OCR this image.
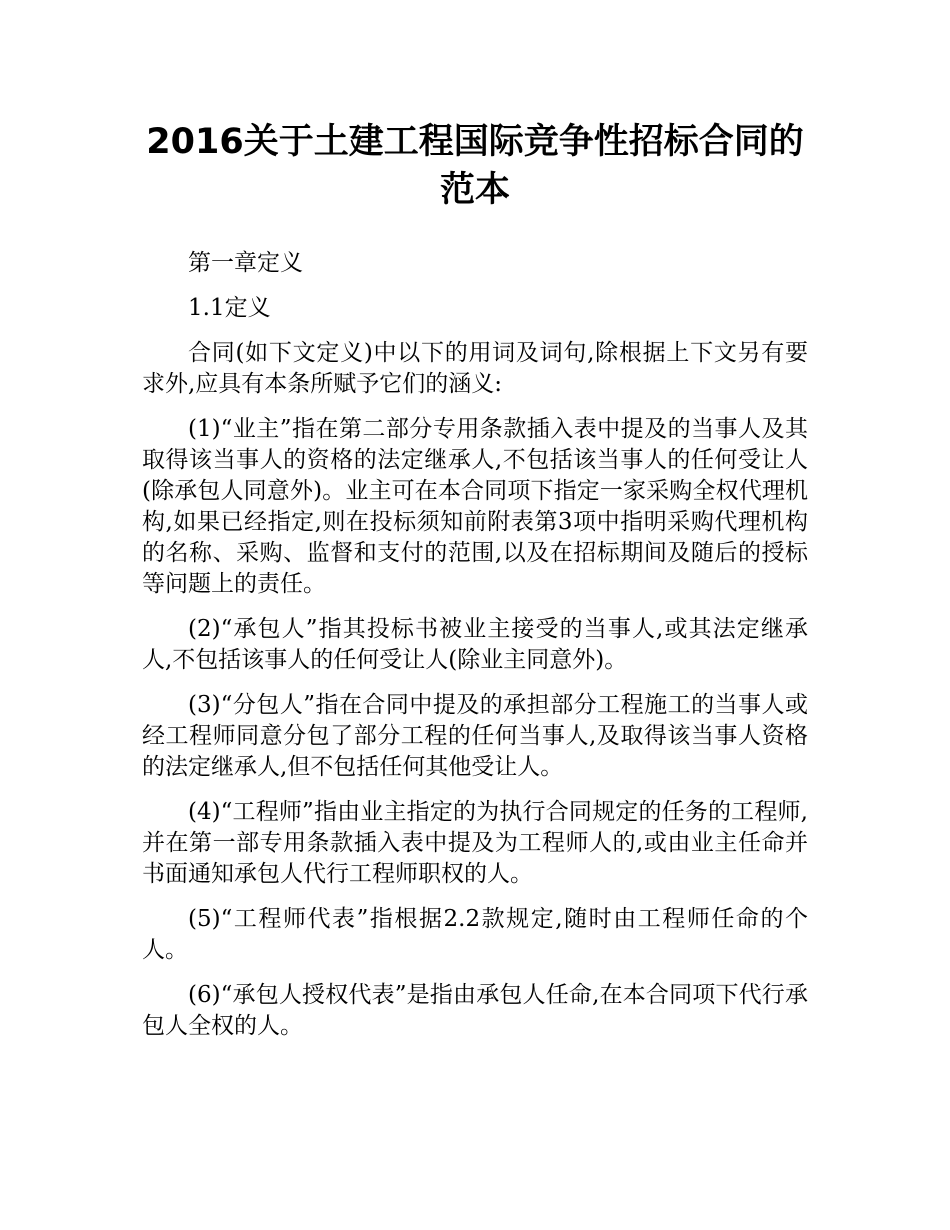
2016关于土建工程国际竞争性招标合同的范本

第一章定义

1.1定义

合同(如下文定义)中以下的用词及词句,除根据上下文另有要求外,应具有本条所赋予它们的涵义:

(1)“业主”指在第二部分专用条款插入表中提及的当事人及其取得该当事人的资格的法定继承人,不包括该当事人的任何受让人(除承包人同意外)。业主可在本合同项下指定一家采购全权代理机构,如果已经指定,则在投标须知前附表第3项中指明采购代理机构的名称、采购、监督和支付的范围,以及在招标期间及随后的授标等问题上的责任。

(2)“承包人”指其投标书被业主接受的当事人,或其法定继承人,不包括该事人的任何受让人(除业主同意外)。

(3)“分包人”指在合同中提及的承担部分工程施工的当事人或经工程师同意分包了部分工程的任何当事人,及取得该当事人资格的法定继承人,但不包括任何其他受让人。

(4)“工程师”指由业主指定的为执行合同规定的任务的工程师,并在第一部专用条款插入表中提及为工程师人的,或由业主任命并书面通知承包人代行工程师职权的人。

(5)“工程师代表”指根据2.2款规定,随时由工程师任命的个人。

(6)“承包人授权代表”是指由承包人任命,在本合同项下代行承包人全权的人。
